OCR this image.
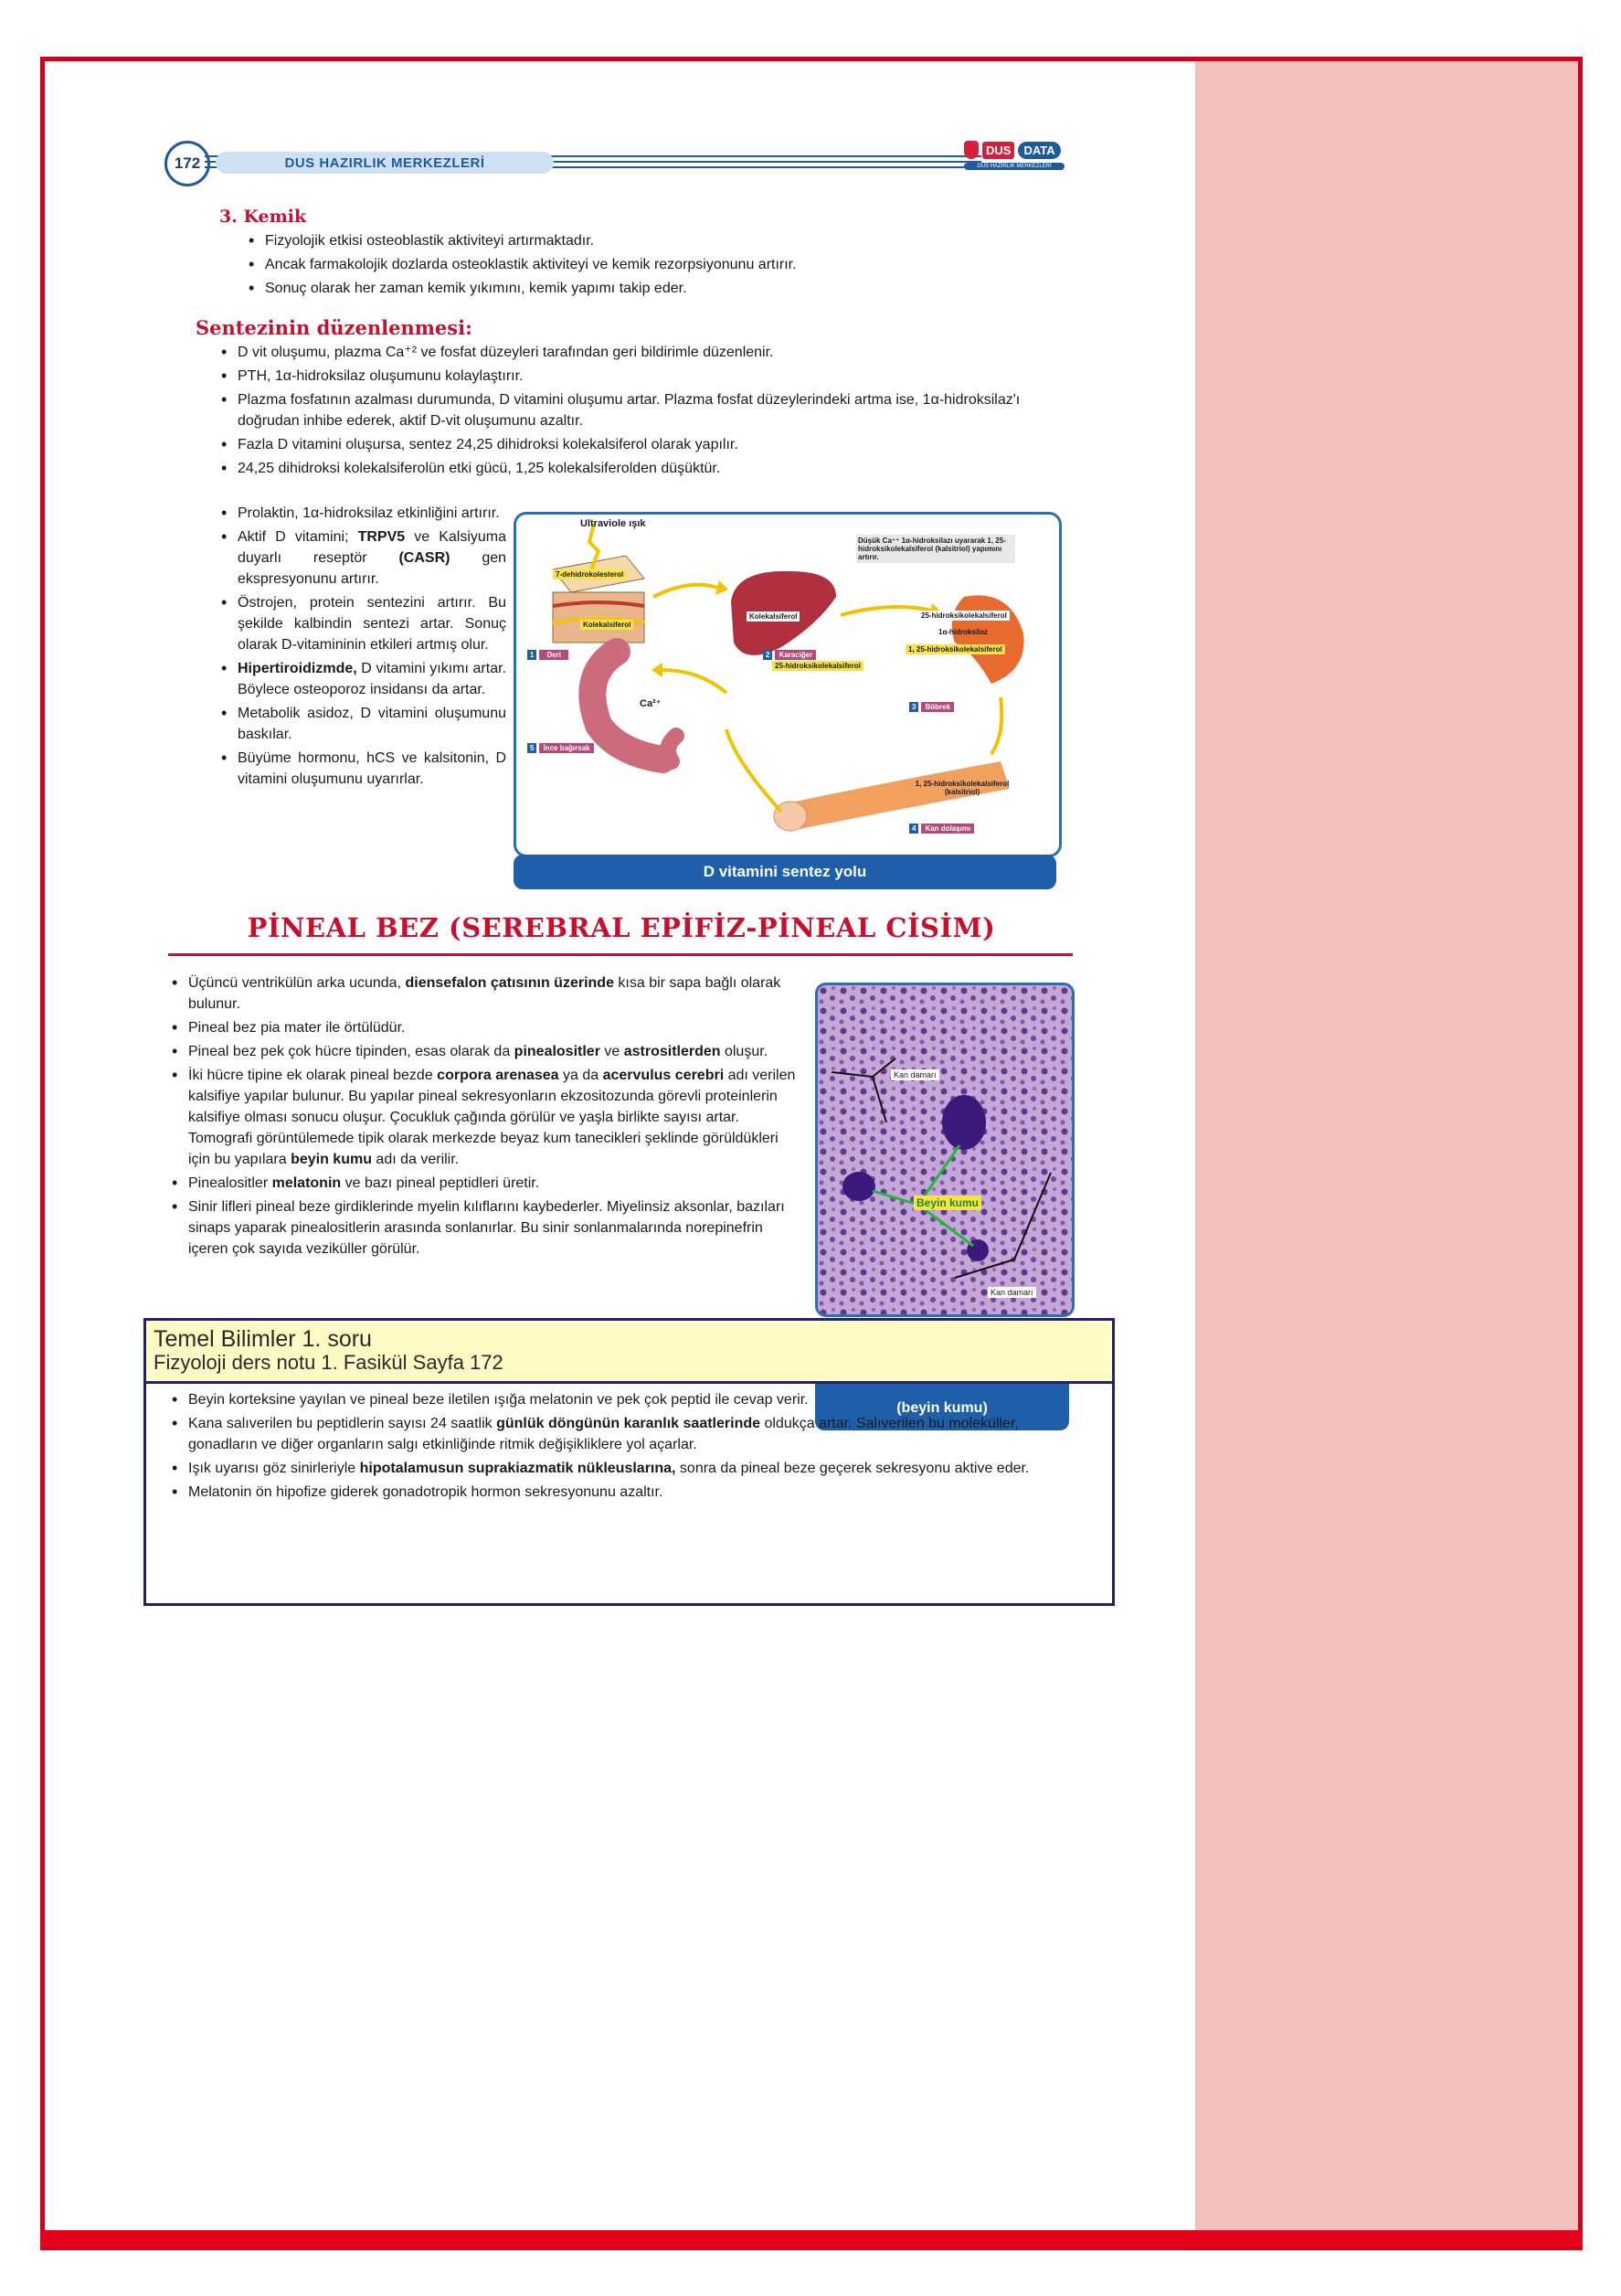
172	DUS HAZIRLIK MERKEZLERİ
DUS	DATA
DUS HAZIRLIK MERKEZLERİ
3. Kemik
• Fizyolojik etkisi osteoblastik aktiviteyi artırmaktadır.
• Ancak farmakolojik dozlarda osteoklastik aktiviteyi ve kemik rezorpsiyonunu artırır.
• Sonuç olarak her zaman kemik yıkımını, kemik yapımı takip eder.
Sentezinin düzenlenmesi:
• D vit oluşumu, plazma Ca⁺² ve fosfat düzeyleri tarafından geri bildirimle düzenlenir.
• PTH, 1α-hidroksilaz oluşumunu kolaylaştırır.
• Plazma fosfatının azalması durumunda, D vitamini oluşumu artar. Plazma fosfat düzeylerindeki artma ise, 1α-hidroksilaz'ı doğrudan inhibe ederek, aktif D-vit oluşumunu azaltır.
• Fazla D vitamini oluşursa, sentez 24,25 dihidroksi kolekalsiferol olarak yapılır.
• 24,25 dihidroksi kolekalsiferolün etki gücü, 1,25 kolekalsiferolden düşüktür.
• Prolaktin, 1α-hidroksilaz etkinliğini artırır.
• Aktif D vitamini; TRPV5 ve Kalsiyuma duyarlı reseptör (CASR) gen ekspresyonunu artırır.
• Östrojen, protein sentezini artırır. Bu şekilde kalbindin sentezi artar. Sonuç olarak D-vitamininin etkileri artmış olur.
• Hipertiroidizmde, D vitamini yıkımı artar. Böylece osteoporoz insidansı da artar.
• Metabolik asidoz, D vitamini oluşumunu baskılar.
• Büyüme hormonu, hCS ve kalsitonin, D vitamini oluşumunu uyarırlar.
Ultraviole ışık
Düşük Ca⁺⁺ 1α-hidroksilazı uyararak 1, 25- hidroksikolekalsiferol (kalsitriol) yapımını artırır.
7-dehidrokolesterol
Kolekalsiferol
Kolekalsiferol
25-hidroksikolekalsiferol
25-hidroksikolekalsiferol
1α-hidroksilaz
1, 25-hidroksikolekalsiferol
1, 25-hidroksikolekalsiferol (kalsitriol)
Ca²⁺
1	Deri	2	Karaciğer
3	Böbrek
4	Kan dolaşımı
5	İnce bağırsak
D vitamini sentez yolu
PİNEAL BEZ (SEREBRAL EPİFİZ-PİNEAL CİSİM)
• Üçüncü ventrikülün arka ucunda, diensefalon çatısının üzerinde kısa bir sapa bağlı olarak bulunur.
• Pineal bez pia mater ile örtülüdür.
• Pineal bez pek çok hücre tipinden, esas olarak da pinealositler ve astrositlerden oluşur.
• İki hücre tipine ek olarak pineal bezde corpora arenasea ya da acervulus cerebri adı verilen kalsifiye yapılar bulunur. Bu yapılar pineal sekresyonların ekzositozunda görevli proteinlerin kalsifiye olması sonucu oluşur. Çocukluk çağında görülür ve yaşla birlikte sayısı artar. Tomografi görüntülemede tipik olarak merkezde beyaz kum tanecikleri şeklinde görüldükleri için bu yapılara beyin kumu adı da verilir.
• Pinealositler melatonin ve bazı pineal peptidleri üretir.
• Sinir lifleri pineal beze girdiklerinde myelin kılıflarını kaybederler. Miyelinsiz aksonlar, bazıları sinaps yaparak pinealositlerin arasında sonlanırlar. Bu sinir sonlanmalarında norepinefrin içeren çok sayıda veziküller görülür.
Kan damarı
Beyin kumu
Kan damarı
(beyin kumu)
• Beyin korteksine yayılan ve pineal beze iletilen ışığa melatonin ve pek çok peptid ile cevap verir.
• Kana salıverilen bu peptidlerin sayısı 24 saatlik günlük döngünün karanlık saatlerinde oldukça artar. Salıverilen bu moleküller, gonadların ve diğer organların salgı etkinliğinde ritmik değişikliklere yol açarlar.
• Işık uyarısı göz sinirleriyle hipotalamusun suprakiazmatik nükleuslarına, sonra da pineal beze geçerek sekresyonu aktive eder.
• Melatonin ön hipofize giderek gonadotropik hormon sekresyonunu azaltır.
Temel Bilimler 1. soru
Fizyoloji ders notu 1. Fasikül Sayfa 172
